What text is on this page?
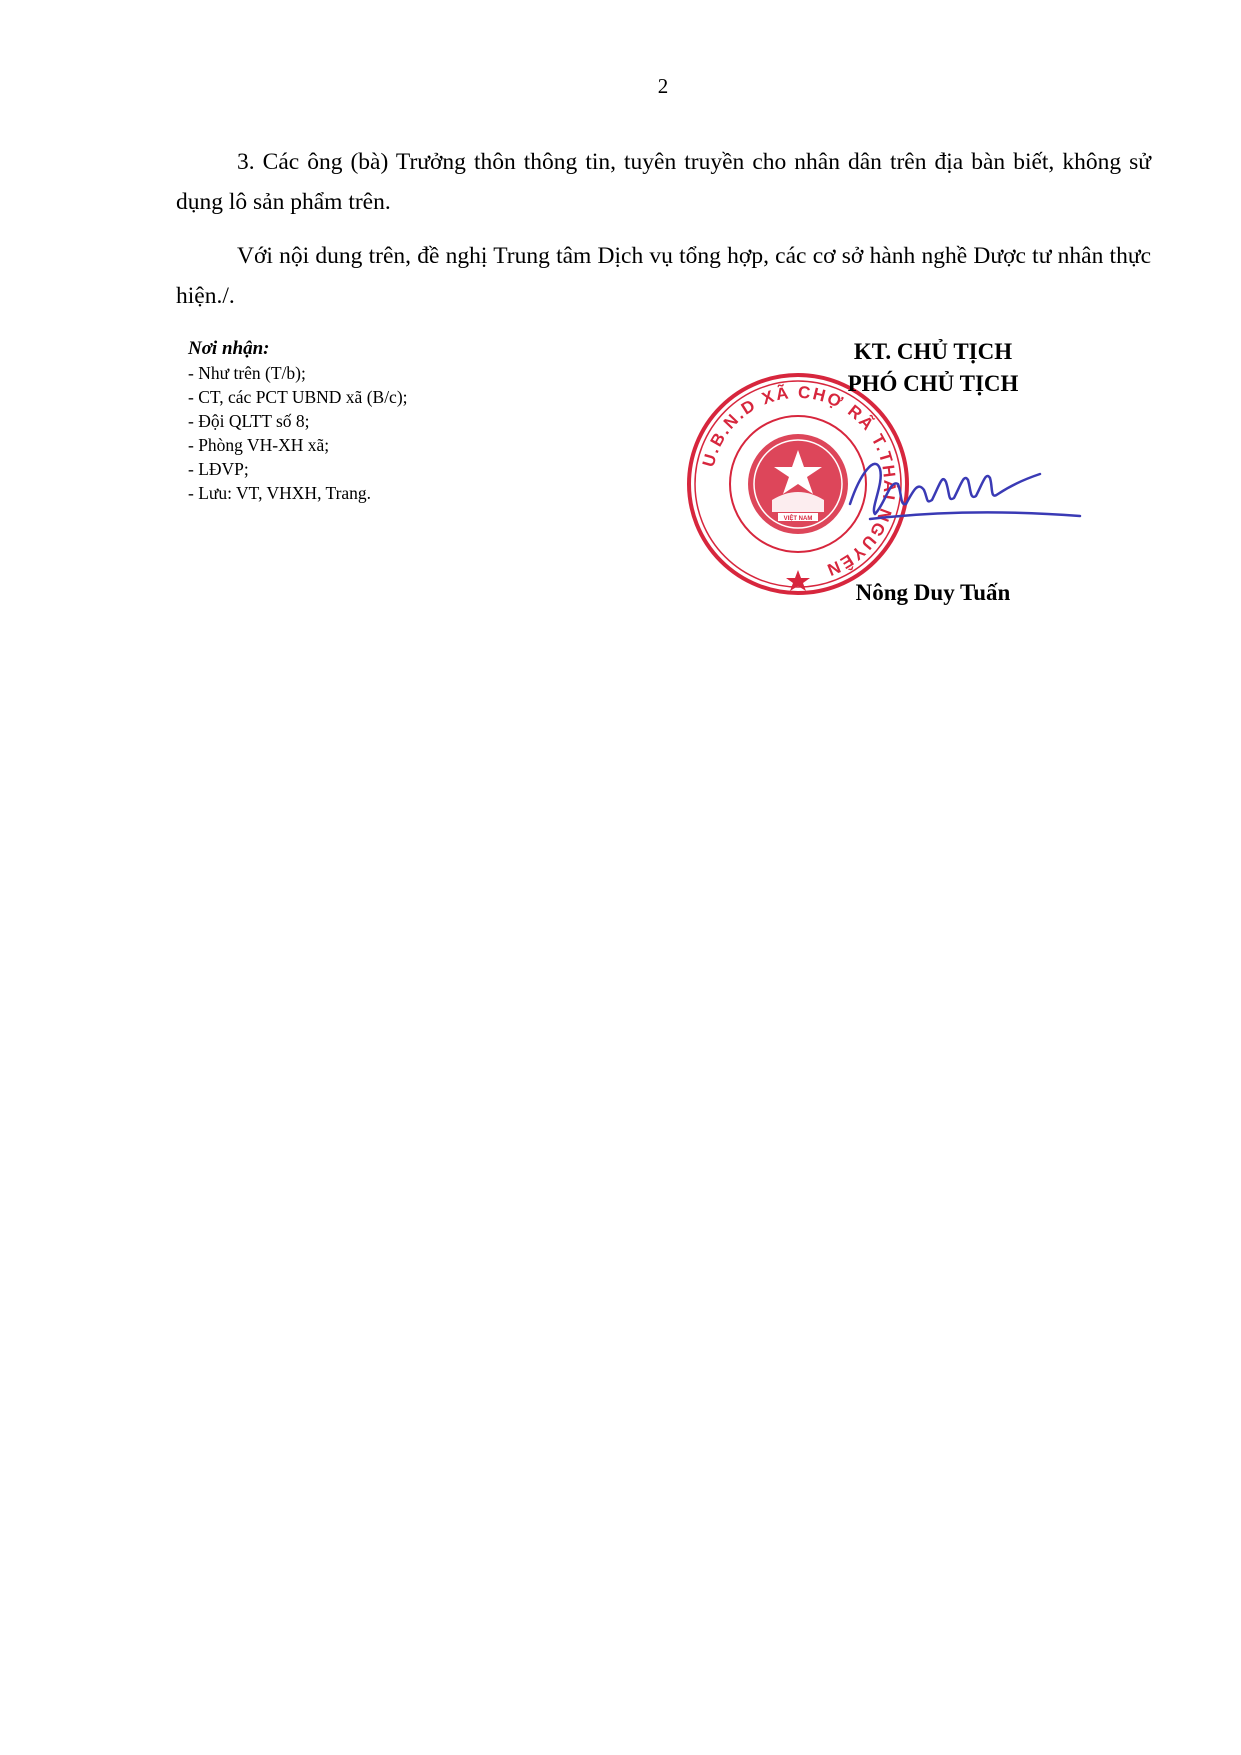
2

3. Các ông (bà) Trưởng thôn thông tin, tuyên truyền cho nhân dân trên địa bàn biết, không sử dụng lô sản phẩm trên.

Với nội dung trên, đề nghị Trung tâm Dịch vụ tổng hợp, các cơ sở hành nghề Dược tư nhân thực hiện./.

Nơi nhận:
- Như trên (T/b);
- CT, các PCT UBND xã (B/c);
- Đội QLTT số 8;
- Phòng VH-XH xã;
- LĐVP;
- Lưu: VT, VHXH, Trang.
U.B.N.D XÃ CHỢ RÃ T.THÁI NGUYÊN
VIỆT NAM
KT. CHỦ TỊCH
PHÓ CHỦ TỊCH
Nông Duy Tuấn
